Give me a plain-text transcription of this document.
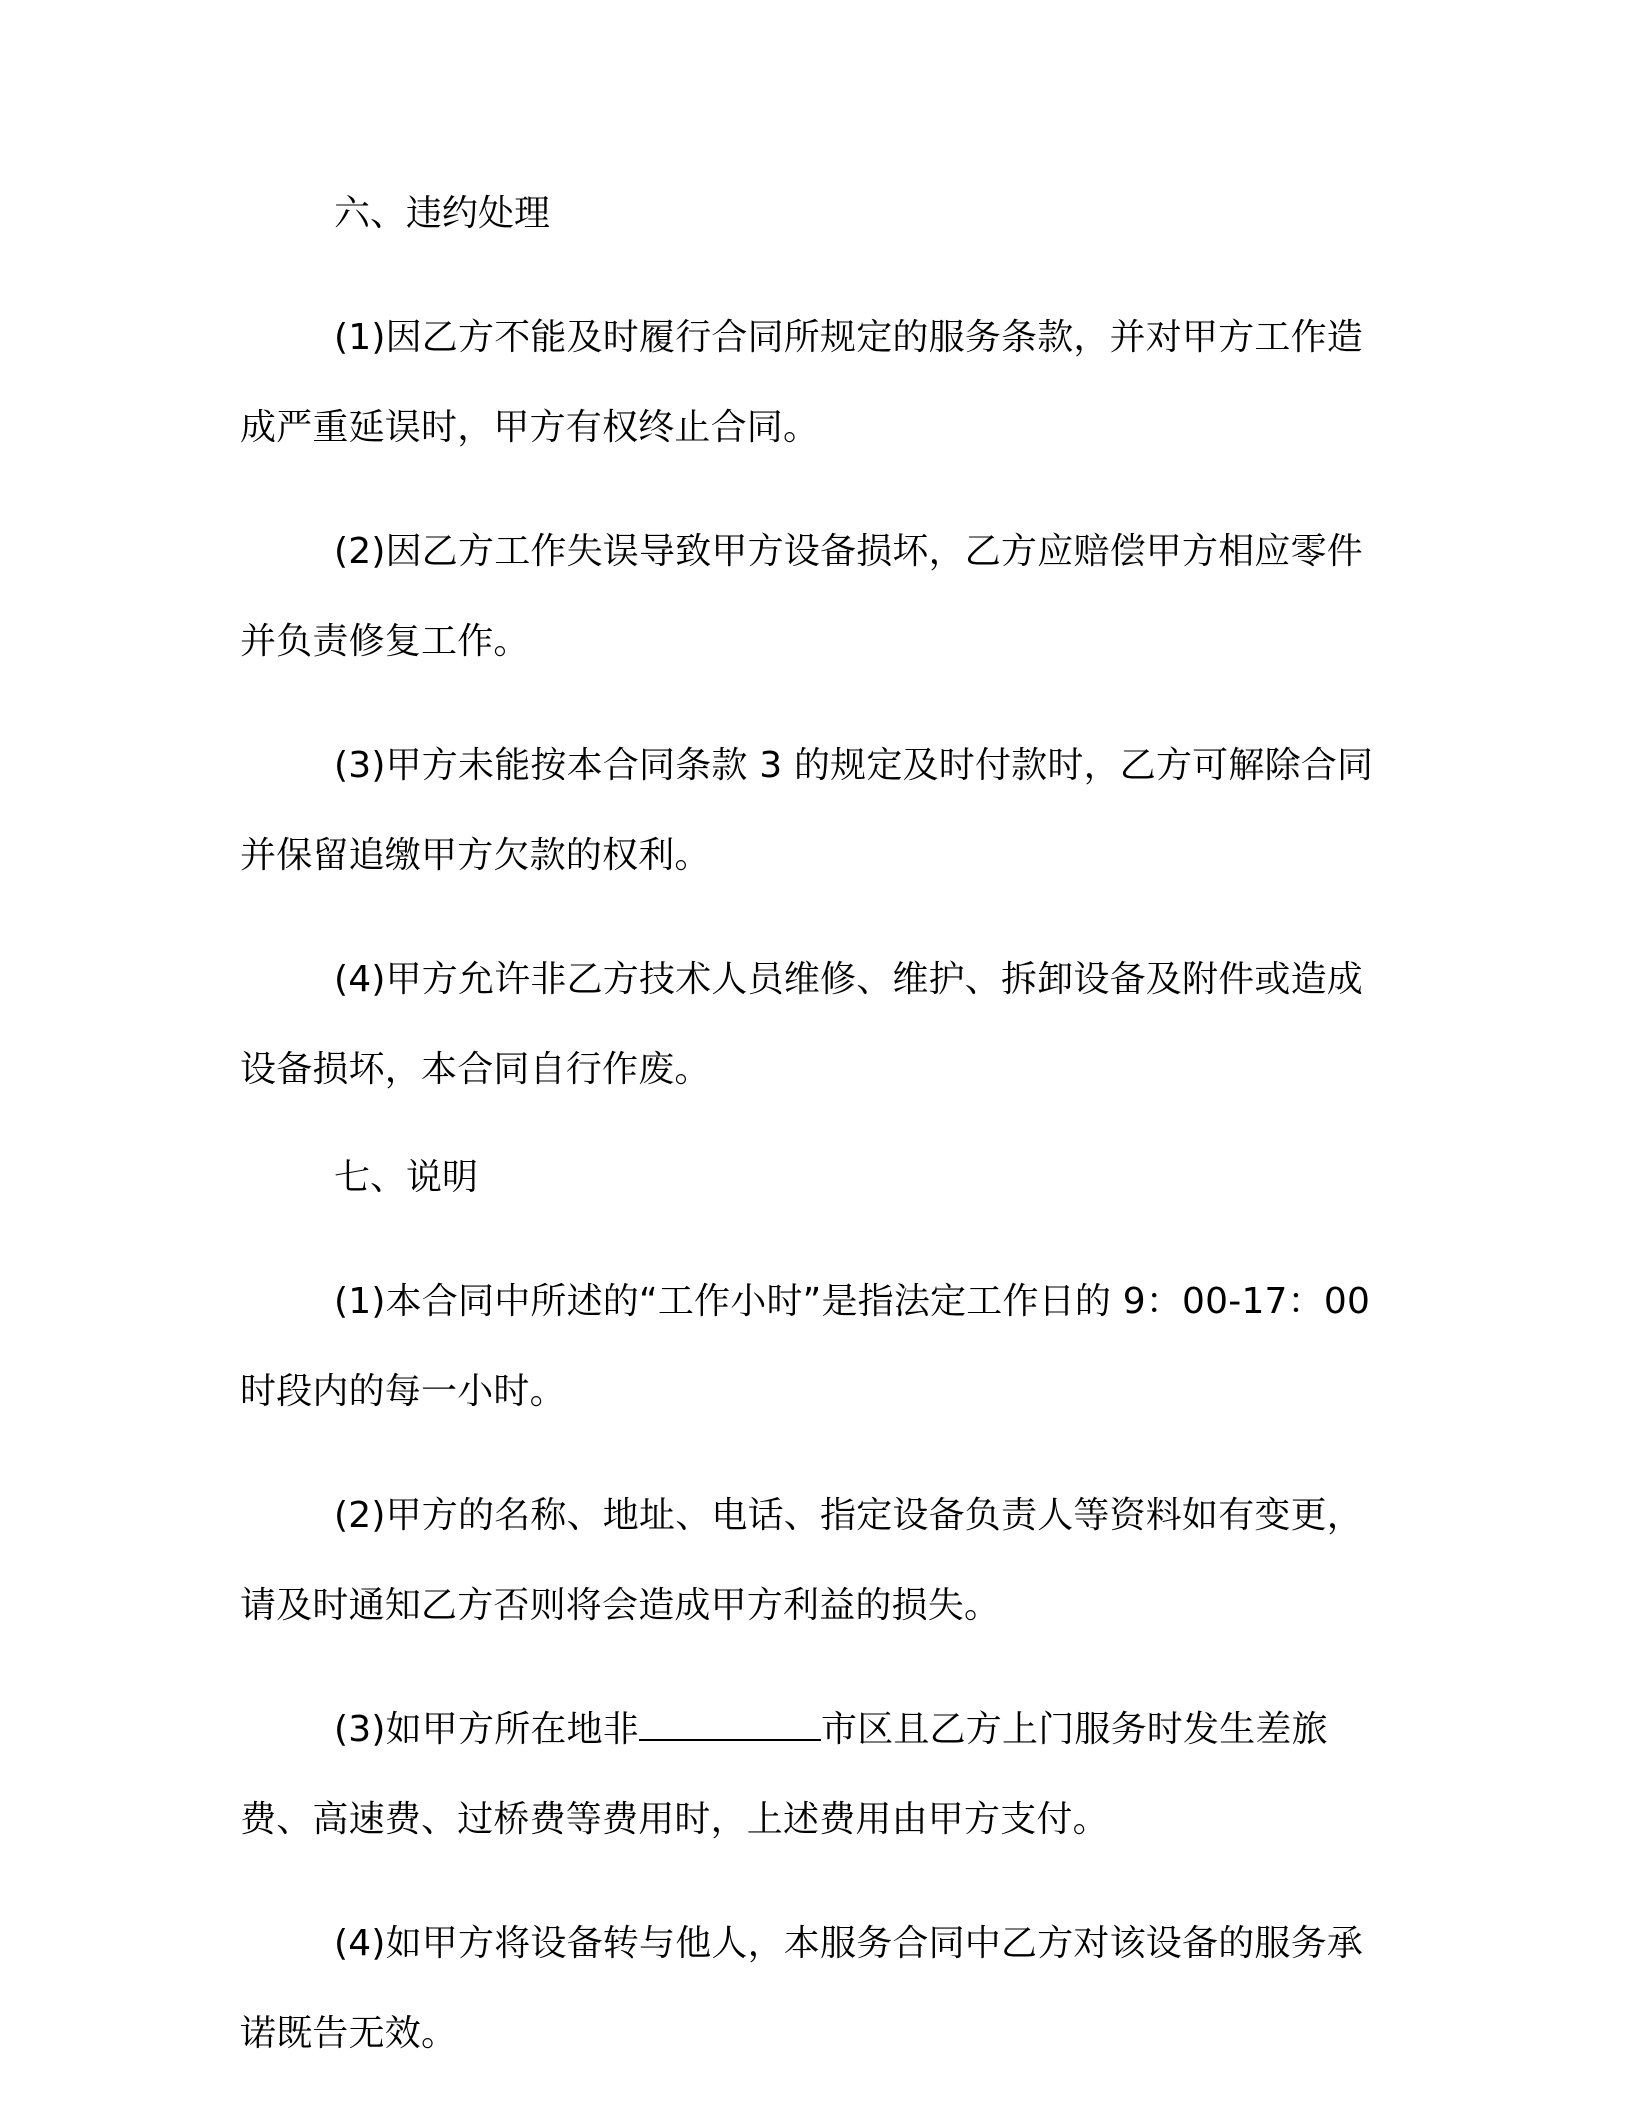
六、违约处理

(1)因乙方不能及时履行合同所规定的服务条款，并对甲方工作造成严重延误时，甲方有权终止合同。

(2)因乙方工作失误导致甲方设备损坏，乙方应赔偿甲方相应零件并负责修复工作。

(3)甲方未能按本合同条款 3 的规定及时付款时，乙方可解除合同并保留追缴甲方欠款的权利。

(4)甲方允许非乙方技术人员维修、维护、拆卸设备及附件或造成设备损坏，本合同自行作废。

七、说明

(1)本合同中所述的“工作小时”是指法定工作日的 9：00-17：00 时段内的每一小时。

(2)甲方的名称、地址、电话、指定设备负责人等资料如有变更，请及时通知乙方否则将会造成甲方利益的损失。

(3)如甲方所在地非	市区且乙方上门服务时发生差旅费、高速费、过桥费等费用时，上述费用由甲方支付。

(4)如甲方将设备转与他人，本服务合同中乙方对该设备的服务承诺既告无效。
